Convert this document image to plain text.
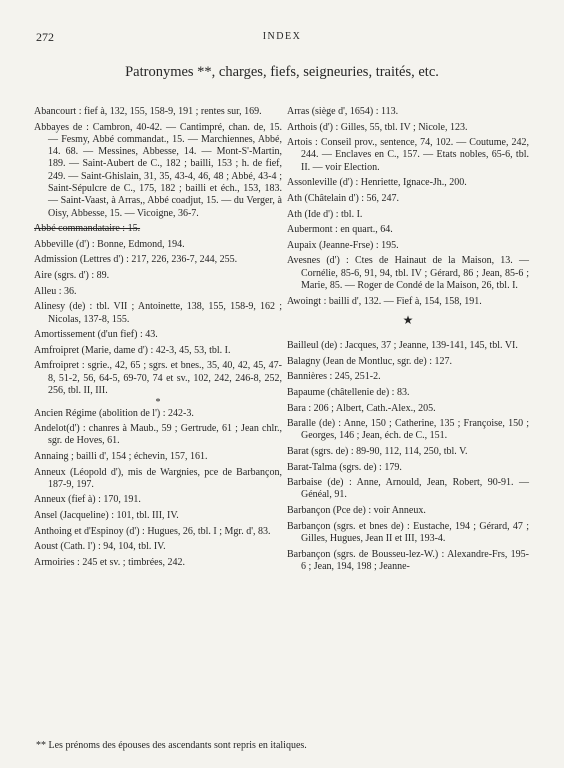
272	INDEX
Patronymes **, charges, fiefs, seigneuries, traités, etc.
Abancourt : fief à, 132, 155, 158-9, 191 ; rentes sur, 169.
Abbayes de : Cambron, 40-42. — Cantimpré, chan. de, 15. — Fesmy, Abbé commandat., 15. — Marchiennes, Abbé, 14. 68. — Messines, Abbesse, 14. — Mont-S'-Martin, 189. — Saint-Aubert de C., 182 ; bailli, 153 ; h. de fief, 249. — Saint-Ghislain, 31, 35, 43-4, 46, 48 ; Abbé, 43-4 ; Saint-Sépulcre de C., 175, 182 ; bailli et éch., 153, 183. — Saint-Vaast, à Arras,, Abbé coadjut, 15. — du Verger, à Oisy, Abbesse, 15. — Vicoigne, 36-7.
Abbé commandataire : 15.
Abbeville (d') : Bonne, Edmond, 194.
Admission (Lettres d') : 217, 226, 236-7, 244, 255.
Aire (sgrs. d') : 89.
Alleu : 36.
Alinesy (de) : tbl. VII ; Antoinette, 138, 155, 158-9, 162 ; Nicolas, 137-8, 155.
Amortissement (d'un fief) : 43.
Amfroipret (Marie, dame d') : 42-3, 45, 53, tbl. I.
Amfroipret : sgrie., 42, 65 ; sgrs. et bnes., 35, 40, 42, 45, 47-8, 51-2, 56, 64-5, 69-70, 74 et sv., 102, 242, 246-8, 252, 256, tbl. II, III.
*
Ancien Régime (abolition de l') : 242-3.
Andelot(d') : chanres à Maub., 59 ; Gertrude, 61 ; Jean chlr., sgr. de Hoves, 61.
Annaing ; bailli d', 154 ; échevin, 157, 161.
Anneux (Léopold d'), mis de Wargnies, pce de Barbançon, 187-9, 197.
Anneux (fief à) : 170, 191.
Ansel (Jacqueline) : 101, tbl. III, IV.
Anthoing et d'Espinoy (d') : Hugues, 26, tbl. I ; Mgr. d', 83.
Aoust (Cath. l') : 94, 104, tbl. IV.
Armoiries : 245 et sv. ; timbrées, 242.
Arras (siège d', 1654) : 113.
Arthois (d') : Gilles, 55, tbl. IV ; Nicole, 123.
Artois : Conseil prov., sentence, 74, 102. — Coutume, 242, 244. — Enclaves en C., 157. — Etats nobles, 65-6, tbl. II. — voir Election.
Assonleville (d') : Henriette, Ignace-Jh., 200.
Ath (Châtelain d') : 56, 247.
Ath (Ide d') : tbl. I.
Aubermont : en quart., 64.
Aupaix (Jeanne-Frse) : 195.
Avesnes (d') : Ctes de Hainaut de la Maison, 13. — Cornélie, 85-6, 91, 94, tbl. IV ; Gérard, 86 ; Jean, 85-6 ; Marie, 85. — Roger de Condé de la Maison, 26, tbl. I.
Awoingt : bailli d', 132. — Fief à, 154, 158, 191.
★
Bailleul (de) : Jacques, 37 ; Jeanne, 139-141, 145, tbl. VI.
Balagny (Jean de Montluc, sgr. de) : 127.
Bannières : 245, 251-2.
Bapaume (châtellenie de) : 83.
Bara : 206 ; Albert, Cath.-Alex., 205.
Baralle (de) : Anne, 150 ; Catherine, 135 ; Françoise, 150 ; Georges, 146 ; Jean, éch. de C., 151.
Barat (sgrs. de) : 89-90, 112, 114, 250, tbl. V.
Barat-Talma (sgrs. de) : 179.
Barbaise (de) : Anne, Arnould, Jean, Robert, 90-91. — Généal, 91.
Barbançon (Pce de) : voir Anneux.
Barbançon (sgrs. et bnes de) : Eustache, 194 ; Gérard, 47 ; Gilles, Hugues, Jean II et III, 193-4.
Barbançon (sgrs. de Bousseu-lez-W.) : Alexandre-Frs, 195-6 ; Jean, 194, 198 ; Jeanne-
** Les prénoms des épouses des ascendants sont repris en italiques.
